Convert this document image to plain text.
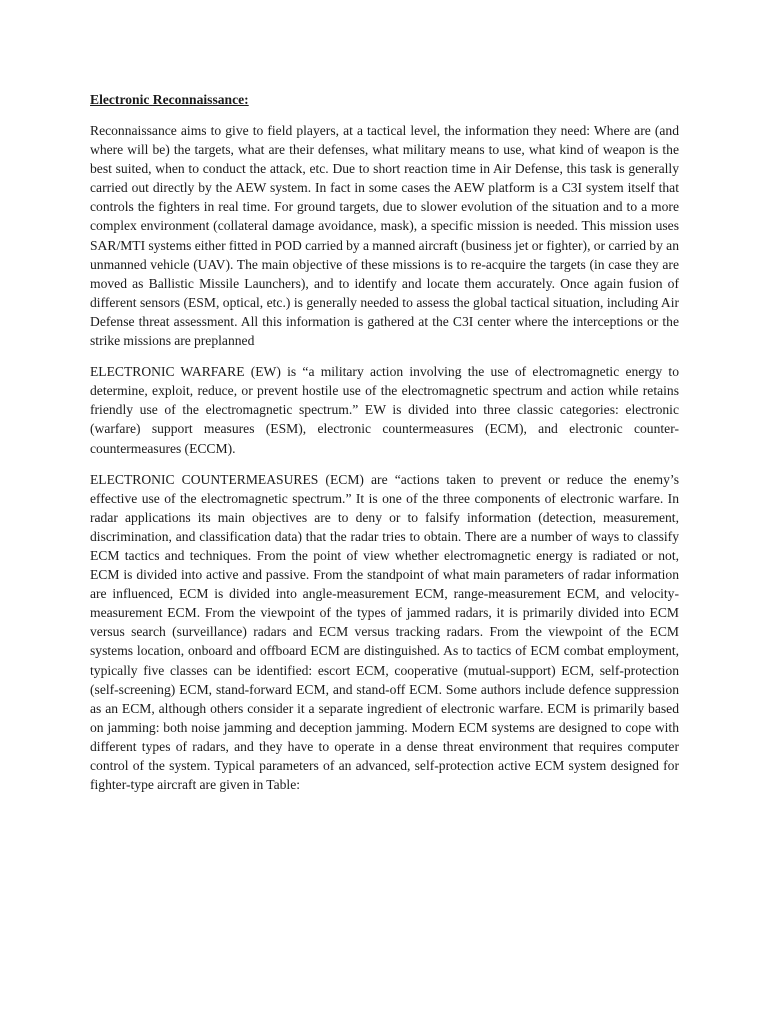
Electronic Reconnaissance:

Reconnaissance aims to give to field players, at a tactical level, the information they need: Where are (and where will be) the targets, what are their defenses, what military means to use, what kind of weapon is the best suited, when to conduct the attack, etc. Due to short reaction time in Air Defense, this task is generally carried out directly by the AEW system. In fact in some cases the AEW platform is a C3I system itself that controls the fighters in real time. For ground targets, due to slower evolution of the situation and to a more complex environment (collateral damage avoidance, mask), a specific mission is needed. This mission uses SAR/MTI systems either fitted in POD carried by a manned aircraft (business jet or fighter), or carried by an unmanned vehicle (UAV). The main objective of these missions is to re-acquire the targets (in case they are moved as Ballistic Missile Launchers), and to identify and locate them accurately. Once again fusion of different sensors (ESM, optical, etc.) is generally needed to assess the global tactical situation, including Air Defense threat assessment. All this information is gathered at the C3I center where the interceptions or the strike missions are preplanned

ELECTRONIC WARFARE (EW) is “a military action involving the use of electromagnetic energy to determine, exploit, reduce, or prevent hostile use of the electromagnetic spectrum and action while retains friendly use of the electromagnetic spectrum.” EW is divided into three classic categories: electronic (warfare) support measures (ESM), electronic countermeasures (ECM), and electronic counter-countermeasures (ECCM).

ELECTRONIC COUNTERMEASURES (ECM) are “actions taken to prevent or reduce the enemy’s effective use of the electromagnetic spectrum.” It is one of the three components of electronic warfare. In radar applications its main objectives are to deny or to falsify information (detection, measurement, discrimination, and classification data) that the radar tries to obtain. There are a number of ways to classify ECM tactics and techniques. From the point of view whether electromagnetic energy is radiated or not, ECM is divided into active and passive. From the standpoint of what main parameters of radar information are influenced, ECM is divided into angle-measurement ECM, range-measurement ECM, and velocity-measurement ECM. From the viewpoint of the types of jammed radars, it is primarily divided into ECM versus search (surveillance) radars and ECM versus tracking radars. From the viewpoint of the ECM systems location, onboard and offboard ECM are distinguished. As to tactics of ECM combat employment, typically five classes can be identified: escort ECM, cooperative (mutual-support) ECM, self-protection (self-screening) ECM, stand-forward ECM, and stand-off ECM. Some authors include defence suppression as an ECM, although others consider it a separate ingredient of electronic warfare. ECM is primarily based on jamming: both noise jamming and deception jamming. Modern ECM systems are designed to cope with different types of radars, and they have to operate in a dense threat environment that requires computer control of the system. Typical parameters of an advanced, self-protection active ECM system designed for fighter-type aircraft are given in Table:
